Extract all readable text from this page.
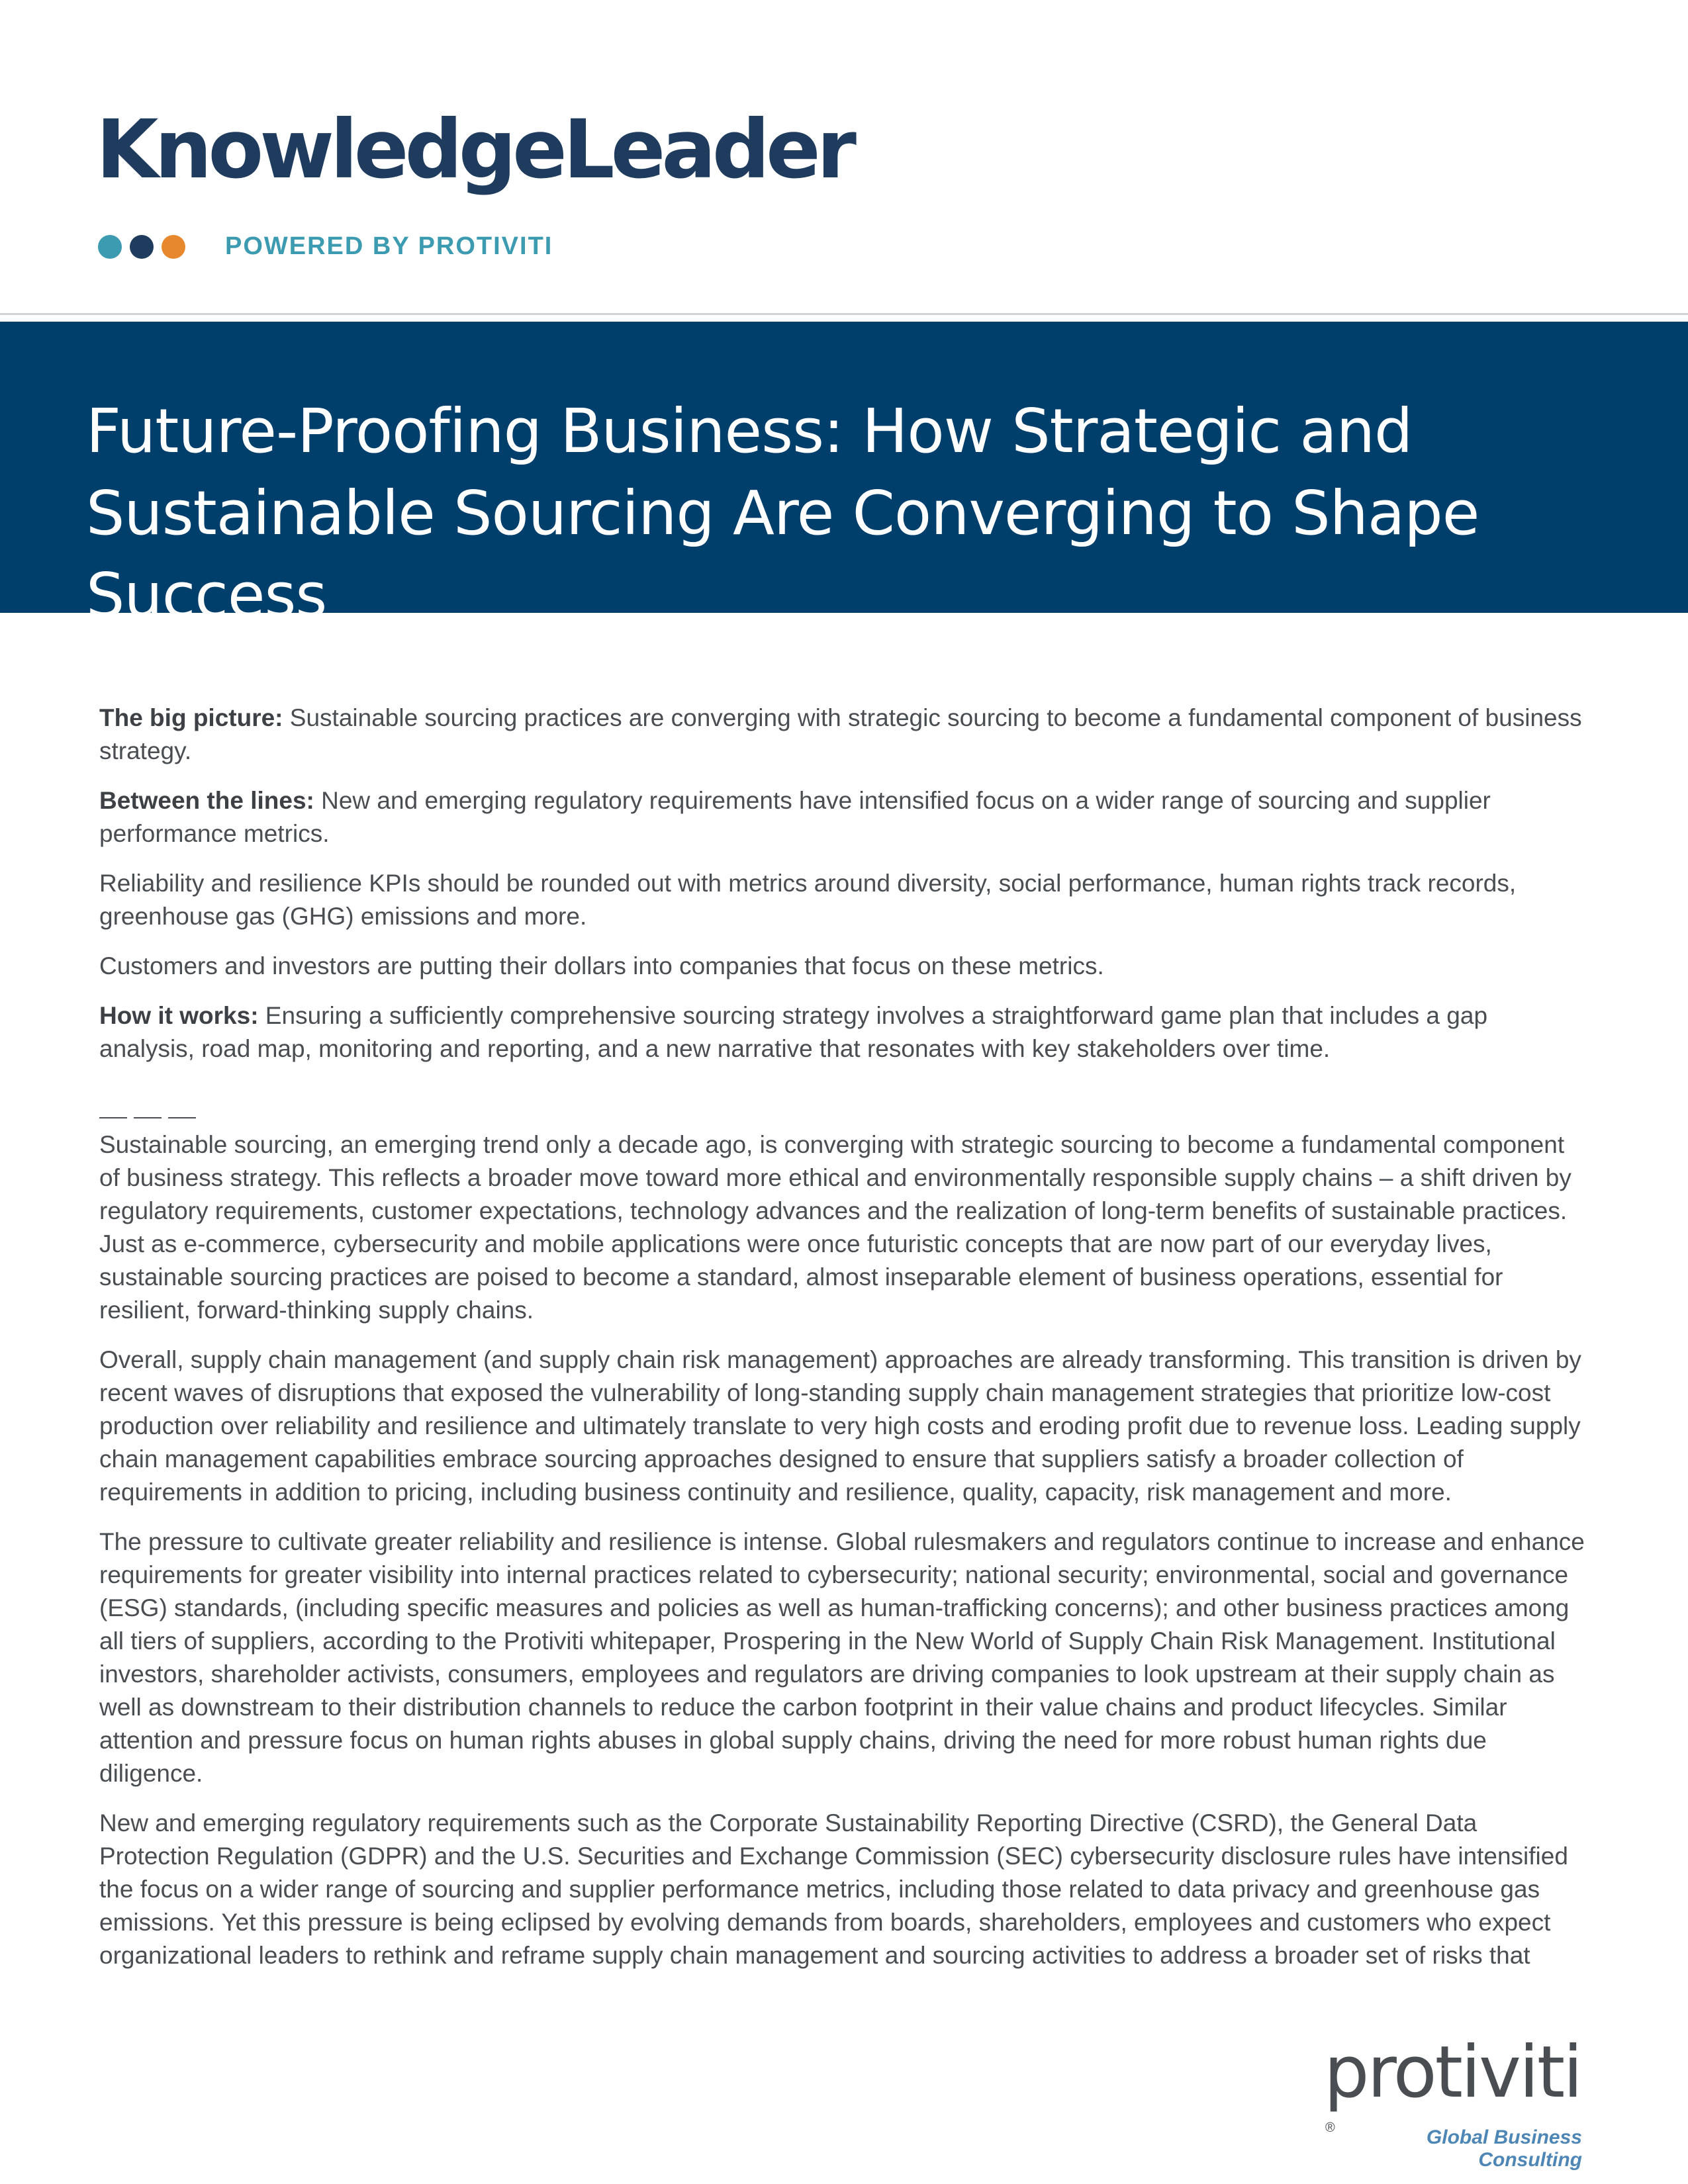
KnowledgeLeader
POWERED BY PROTIVITI
Future-Proofing Business: How Strategic and
Sustainable Sourcing Are Converging to Shape Success

The big picture: Sustainable sourcing practices are converging with strategic sourcing to become a fundamental component of business strategy.

Between the lines: New and emerging regulatory requirements have intensified focus on a wider range of sourcing and supplier performance metrics.

Reliability and resilience KPIs should be rounded out with metrics around diversity, social performance, human rights track records, greenhouse gas (GHG) emissions and more.

Customers and investors are putting their dollars into companies that focus on these metrics.

How it works: Ensuring a sufficiently comprehensive sourcing strategy involves a straightforward game plan that includes a gap analysis, road map, monitoring and reporting, and a new narrative that resonates with key stakeholders over time.

Sustainable sourcing, an emerging trend only a decade ago, is converging with strategic sourcing to become a fundamental component of business strategy. This reflects a broader move toward more ethical and environmentally responsible supply chains – a shift driven by regulatory requirements, customer expectations, technology advances and the realization of long-term benefits of sustainable practices. Just as e-commerce, cybersecurity and mobile applications were once futuristic concepts that are now part of our everyday lives, sustainable sourcing practices are poised to become a standard, almost inseparable element of business operations, essential for resilient, forward-thinking supply chains.

Overall, supply chain management (and supply chain risk management) approaches are already transforming. This transition is driven by recent waves of disruptions that exposed the vulnerability of long-standing supply chain management strategies that prioritize low-cost production over reliability and resilience and ultimately translate to very high costs and eroding profit due to revenue loss. Leading supply chain management capabilities embrace sourcing approaches designed to ensure that suppliers satisfy a broader collection of requirements in addition to pricing, including business continuity and resilience, quality, capacity, risk management and more.

The pressure to cultivate greater reliability and resilience is intense. Global rulesmakers and regulators continue to increase and enhance requirements for greater visibility into internal practices related to cybersecurity; national security; environmental, social and governance (ESG) standards, (including specific measures and policies as well as human-trafficking concerns); and other business practices among all tiers of suppliers, according to the Protiviti whitepaper, Prospering in the New World of Supply Chain Risk Management. Institutional investors, shareholder activists, consumers, employees and regulators are driving companies to look upstream at their supply chain as well as downstream to their distribution channels to reduce the carbon footprint in their value chains and product lifecycles. Similar attention and pressure focus on human rights abuses in global supply chains, driving the need for more robust human rights due diligence.

New and emerging regulatory requirements such as the Corporate Sustainability Reporting Directive (CSRD), the General Data Protection Regulation (GDPR) and the U.S. Securities and Exchange Commission (SEC) cybersecurity disclosure rules have intensified the focus on a wider range of sourcing and supplier performance metrics, including those related to data privacy and greenhouse gas emissions. Yet this pressure is being eclipsed by evolving demands from boards, shareholders, employees and customers who expect organizational leaders to rethink and reframe supply chain management and sourcing activities to address a broader set of risks that

protiviti®	Global Business Consulting
